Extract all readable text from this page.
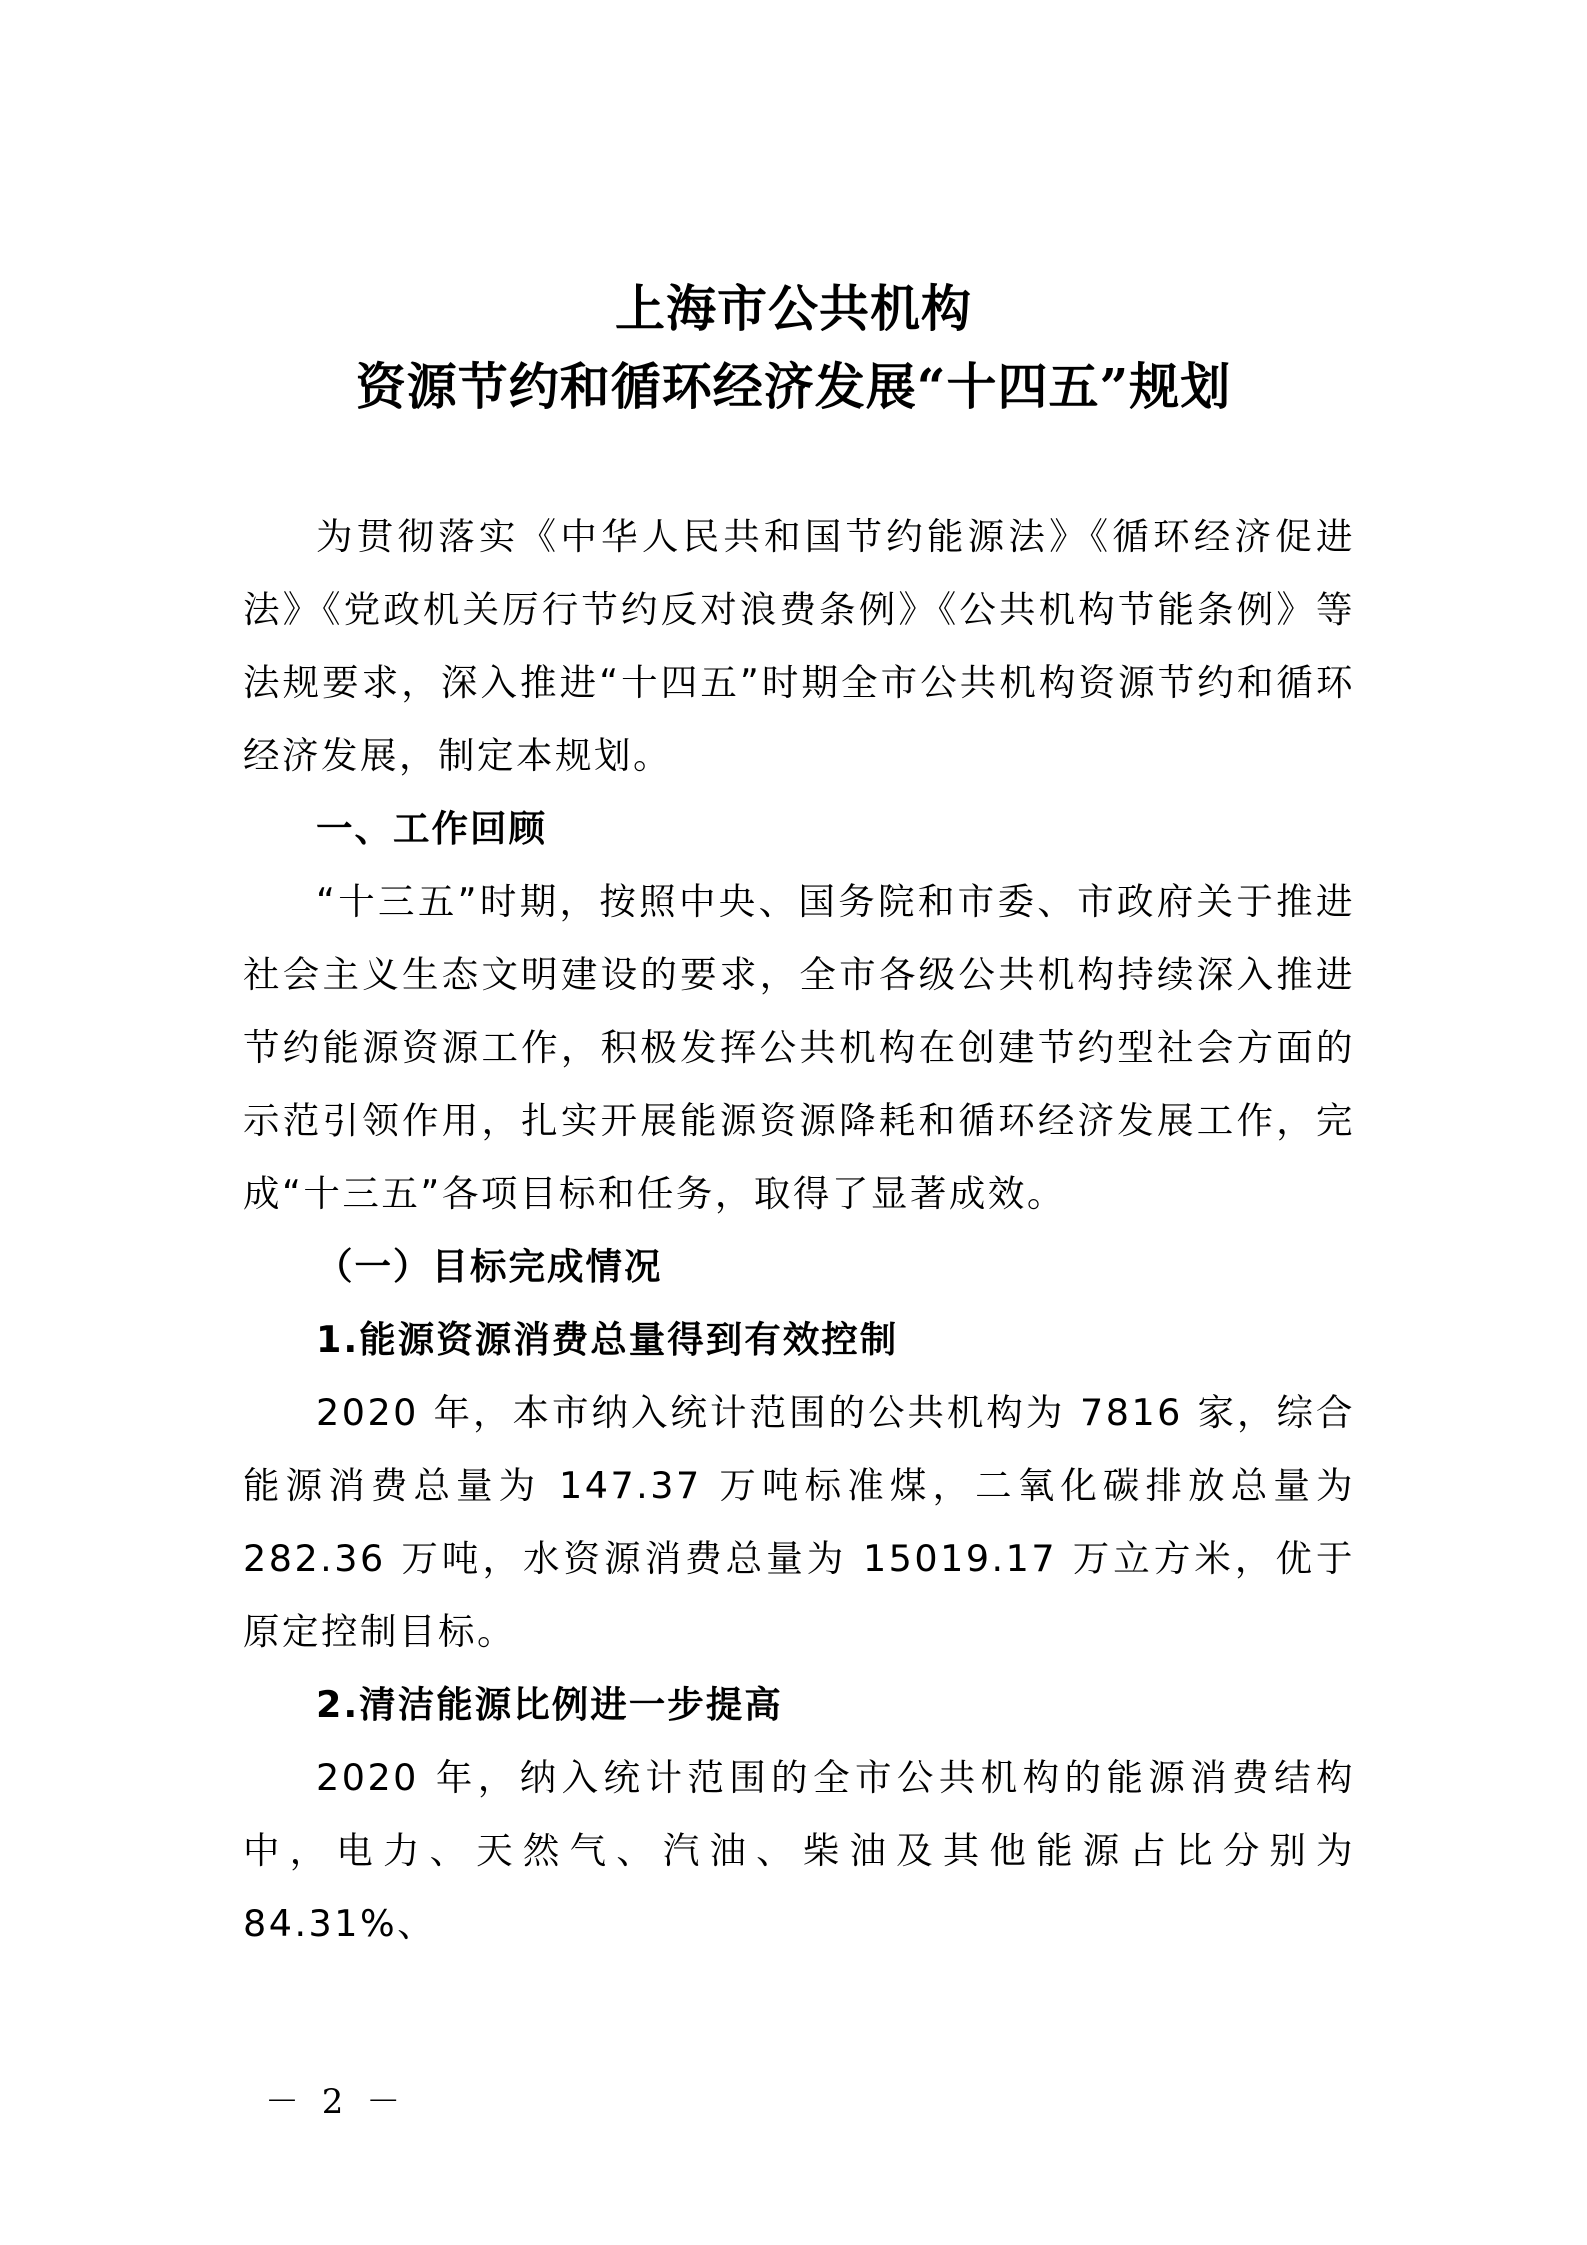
上海市公共机构
资源节约和循环经济发展“十四五”规划

为贯彻落实《中华人民共和国节约能源法》《循环经济促进法》《党政机关厉行节约反对浪费条例》《公共机构节能条例》等法规要求，深入推进“十四五”时期全市公共机构资源节约和循环经济发展，制定本规划。

一、工作回顾

“十三五”时期，按照中央、国务院和市委、市政府关于推进社会主义生态文明建设的要求，全市各级公共机构持续深入推进节约能源资源工作，积极发挥公共机构在创建节约型社会方面的示范引领作用，扎实开展能源资源降耗和循环经济发展工作，完成“十三五”各项目标和任务，取得了显著成效。

（一）目标完成情况

1.能源资源消费总量得到有效控制

2020 年，本市纳入统计范围的公共机构为 7816 家，综合能源消费总量为 147.37 万吨标准煤，二氧化碳排放总量为 282.36 万吨，水资源消费总量为 15019.17 万立方米，优于原定控制目标。

2.清洁能源比例进一步提高

2020 年，纳入统计范围的全市公共机构的能源消费结构中，电力、天然气、汽油、柴油及其他能源占比分别为 84.31%、

－ 2 －
